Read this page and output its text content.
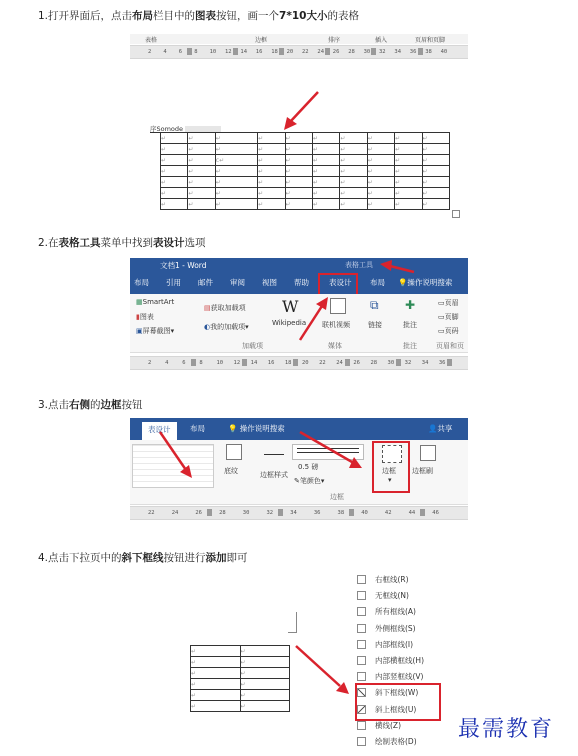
1.打开界面后，点击布局栏目中的图表按钮，画一个7*10大小的表格
表格	边框	排序	插入	页眉和页脚
2 4 6 8 10 12 14 16 18 20 22 24 26 28 30 32 34 36 38 40
序Somode
↵	↵	↵	↵	↵	↵	↵	↵	↵	↵
↵	↵	↵	↵	↵	↵	↵	↵	↵	↵
↵	↵	c↵	↵	↵	↵	↵	↵	↵	↵
↵	↵	↵	↵	↵	↵	↵	↵	↵	↵
↵	↵	↵	↵	↵	↵	↵	↵	↵	↵
↵	↵	↵	↵	↵	↵	↵	↵	↵	↵
↵	↵	↵	↵	↵	↵	↵	↵	↵	↵
2.在表格工具菜单中找到表设计选项
文档1 - Word	表格工具
布局 引用 邮件 审阅 视图 帮助	表设计 布局 💡操作说明搜索
▦SmartArt
▮图表
▣屏幕截图▾
▤获取加载项
◐我的加载项▾
W
Wikipedia 联机视频
⧉
链接
✚
批注
▭页眉
▭页脚
▭页码
加载项	媒体	批注	页眉和页
2	4	6	8	10 12 14 16 18 20 22 24 26 28 30 32 34 36
3.点击右侧的边框按钮
表设计	布局	💡 操作说明搜索	👤共享
底纹	边框样式
0.5 磅
✎笔颜色▾
边框
▾
边框刷
边框
22	24	26	28	30	32	34	36	38	40	42	44	46
4.点击下拉页中的斜下框线按钮进行添加即可
↵	↵
↵	↵
↵	↵
↵	↵
↵	↵
↵	↵
右框线(R)
无框线(N)
所有框线(A)
外侧框线(S)
内部框线(I)
内部横框线(H)
内部竖框线(V)
斜下框线(W)
斜上框线(U)
横线(Z)
绘制表格(D) 最需教育
